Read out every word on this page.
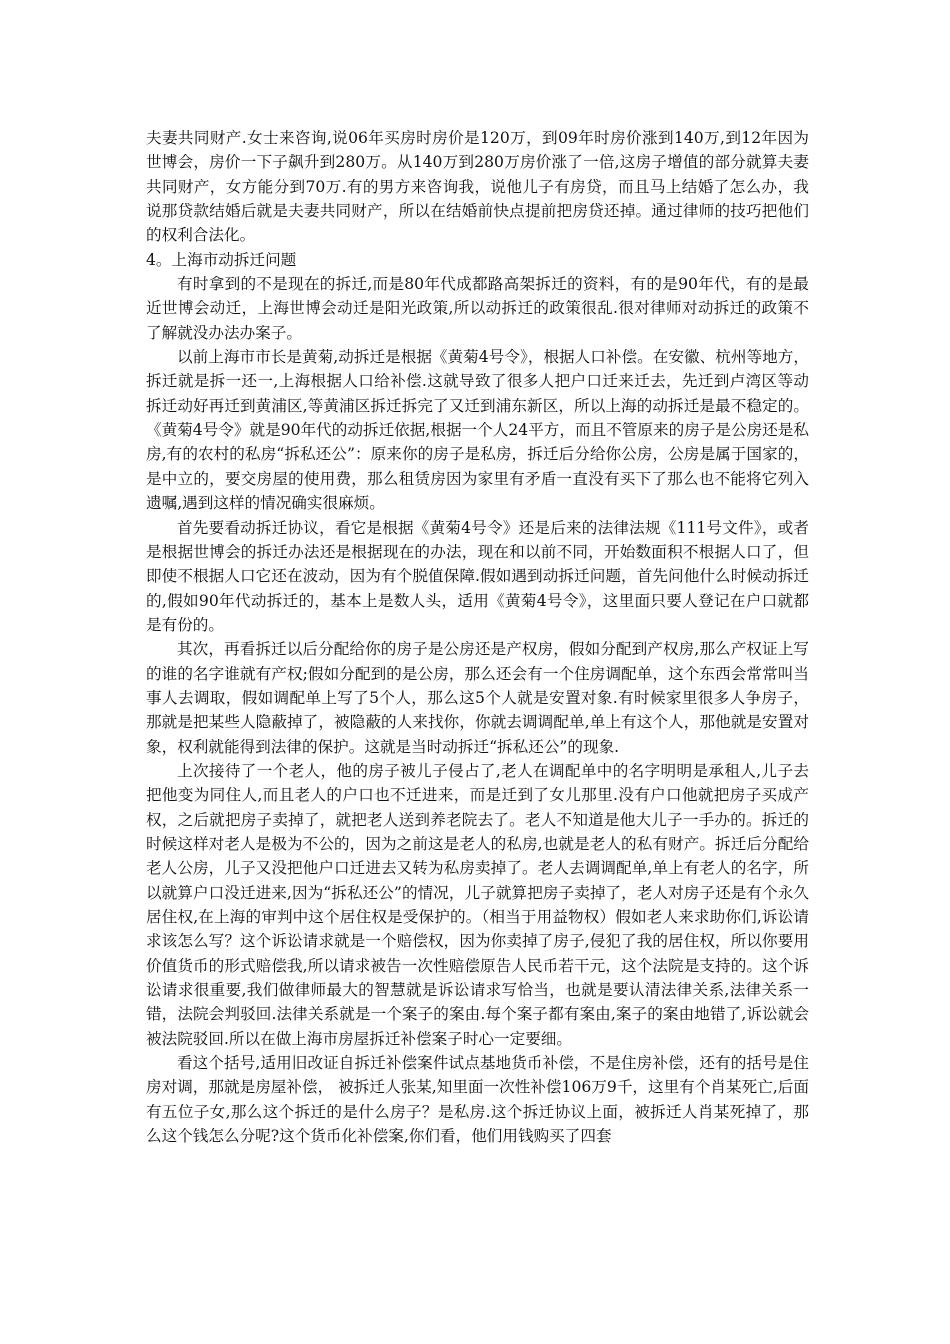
夫妻共同财产.女士来咨询,说06年买房时房价是120万，到09年时房价涨到140万,到12年因为世博会，房价一下子飙升到280万。从140万到280万房价涨了一倍,这房子增值的部分就算夫妻共同财产，女方能分到70万.有的男方来咨询我，说他儿子有房贷，而且马上结婚了怎么办，我说那贷款结婚后就是夫妻共同财产，所以在结婚前快点提前把房贷还掉。通过律师的技巧把他们的权利合法化。

4。上海市动拆迁问题

有时拿到的不是现在的拆迁,而是80年代成都路高架拆迁的资料，有的是90年代，有的是最近世博会动迁，上海世博会动迁是阳光政策,所以动拆迁的政策很乱.很对律师对动拆迁的政策不了解就没办法办案子。

以前上海市市长是黄菊,动拆迁是根据《黄菊4号令》，根据人口补偿。在安徽、杭州等地方，拆迁就是拆一还一,上海根据人口给补偿.这就导致了很多人把户口迁来迁去，先迁到卢湾区等动拆迁动好再迁到黄浦区,等黄浦区拆迁拆完了又迁到浦东新区，所以上海的动拆迁是最不稳定的。《黄菊4号令》就是90年代的动拆迁依据,根据一个人24平方，而且不管原来的房子是公房还是私房,有的农村的私房“拆私还公”：原来你的房子是私房，拆迁后分给你公房，公房是属于国家的，是中立的，要交房屋的使用费，那么租赁房因为家里有矛盾一直没有买下了那么也不能将它列入遗嘱,遇到这样的情况确实很麻烦。

首先要看动拆迁协议，看它是根据《黄菊4号令》还是后来的法律法规《111号文件》，或者是根据世博会的拆迁办法还是根据现在的办法，现在和以前不同，开始数面积不根据人口了，但即使不根据人口它还在波动，因为有个脱值保障.假如遇到动拆迁问题，首先问他什么时候动拆迁的,假如90年代动拆迁的，基本上是数人头，适用《黄菊4号令》，这里面只要人登记在户口就都是有份的。

其次，再看拆迁以后分配给你的房子是公房还是产权房，假如分配到产权房,那么产权证上写的谁的名字谁就有产权;假如分配到的是公房，那么还会有一个住房调配单，这个东西会常常叫当事人去调取，假如调配单上写了5个人，那么这5个人就是安置对象.有时候家里很多人争房子，那就是把某些人隐蔽掉了，被隐蔽的人来找你，你就去调调配单,单上有这个人，那他就是安置对象，权利就能得到法律的保护。这就是当时动拆迁“拆私还公”的现象.

上次接待了一个老人，他的房子被儿子侵占了,老人在调配单中的名字明明是承租人,儿子去把他变为同住人,而且老人的户口也不迁进来，而是迁到了女儿那里.没有户口他就把房子买成产权，之后就把房子卖掉了，就把老人送到养老院去了。老人不知道是他大儿子一手办的。拆迁的时候这样对老人是极为不公的，因为之前这是老人的私房,也就是老人的私有财产。拆迁后分配给老人公房，儿子又没把他户口迁进去又转为私房卖掉了。老人去调调配单,单上有老人的名字，所以就算户口没迁进来,因为“拆私还公”的情况，儿子就算把房子卖掉了，老人对房子还是有个永久居住权,在上海的审判中这个居住权是受保护的。（相当于用益物权）假如老人来求助你们,诉讼请求该怎么写？这个诉讼请求就是一个赔偿权，因为你卖掉了房子,侵犯了我的居住权，所以你要用价值货币的形式赔偿我,所以请求被告一次性赔偿原告人民币若干元，这个法院是支持的。这个诉讼请求很重要,我们做律师最大的智慧就是诉讼请求写恰当，也就是要认清法律关系,法律关系一错，法院会判驳回.法律关系就是一个案子的案由.每个案子都有案由,案子的案由地错了,诉讼就会被法院驳回.所以在做上海市房屋拆迁补偿案子时心一定要细。

看这个括号,适用旧改证自拆迁补偿案件试点基地货币补偿，不是住房补偿，还有的括号是住房对调，那就是房屋补偿， 被拆迁人张某,知里面一次性补偿106万9千，这里有个肖某死亡,后面有五位子女,那么这个拆迁的是什么房子？是私房.这个拆迁协议上面，被拆迁人肖某死掉了，那么这个钱怎么分呢?这个货币化补偿案,你们看，他们用钱购买了四套
